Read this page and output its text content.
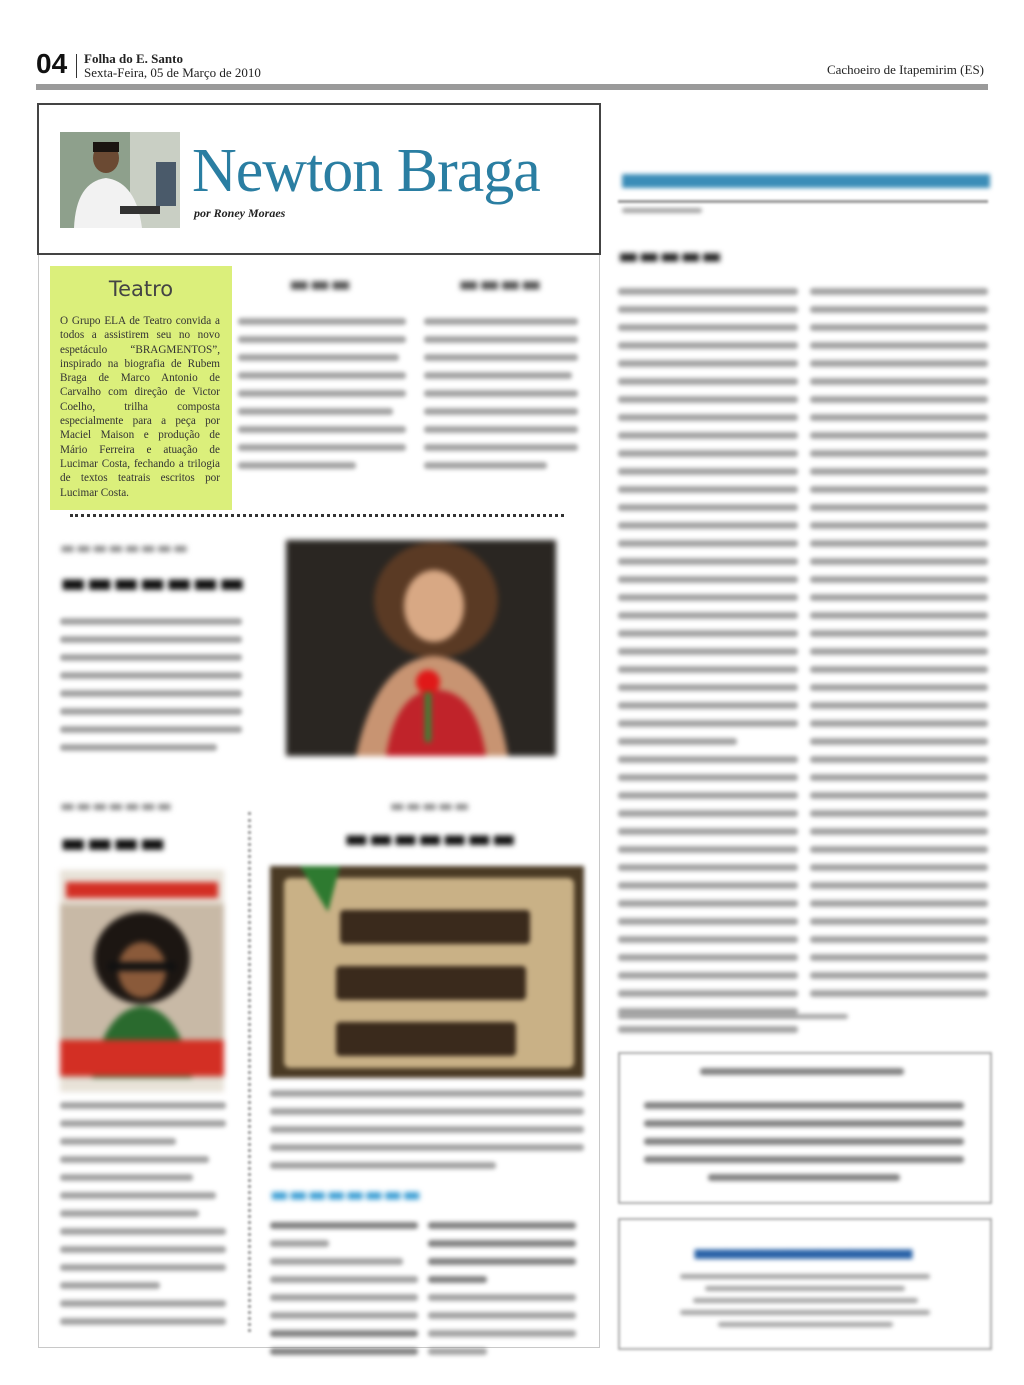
04 Folha do E. Santo
Sexta-Feira, 05 de Março de 2010	Cachoeiro de Itapemirim (ES)
Newton Braga
por Roney Moraes
Teatro
O Grupo ELA de Teatro convida a todos a assistirem seu no novo espetáculo “BRAGMENTOS”, inspirado na biografia de Rubem Braga de Marco Antonio de Carvalho com direção de Victor Coelho, trilha composta especialmente para a peça por Maciel Maison e produção de Mário Ferreira e atuação de Lucimar Costa, fechando a trilogia de textos teatrais escritos por Lucimar Costa.
▬▬▬	▬▬▬▬
▬▬▬▬▬▬▬▬
▬▬▬▬▬▬▬
▬▬▬▬▬▬▬
▬▬▬▬
▬▬▬▬▬
▬▬▬▬▬▬▬
▬▬▬▬▬▬▬▬
▬▬▬▬▬▬▬▬
▬▬▬▬▬
▬▬▬▬▬▬▬
